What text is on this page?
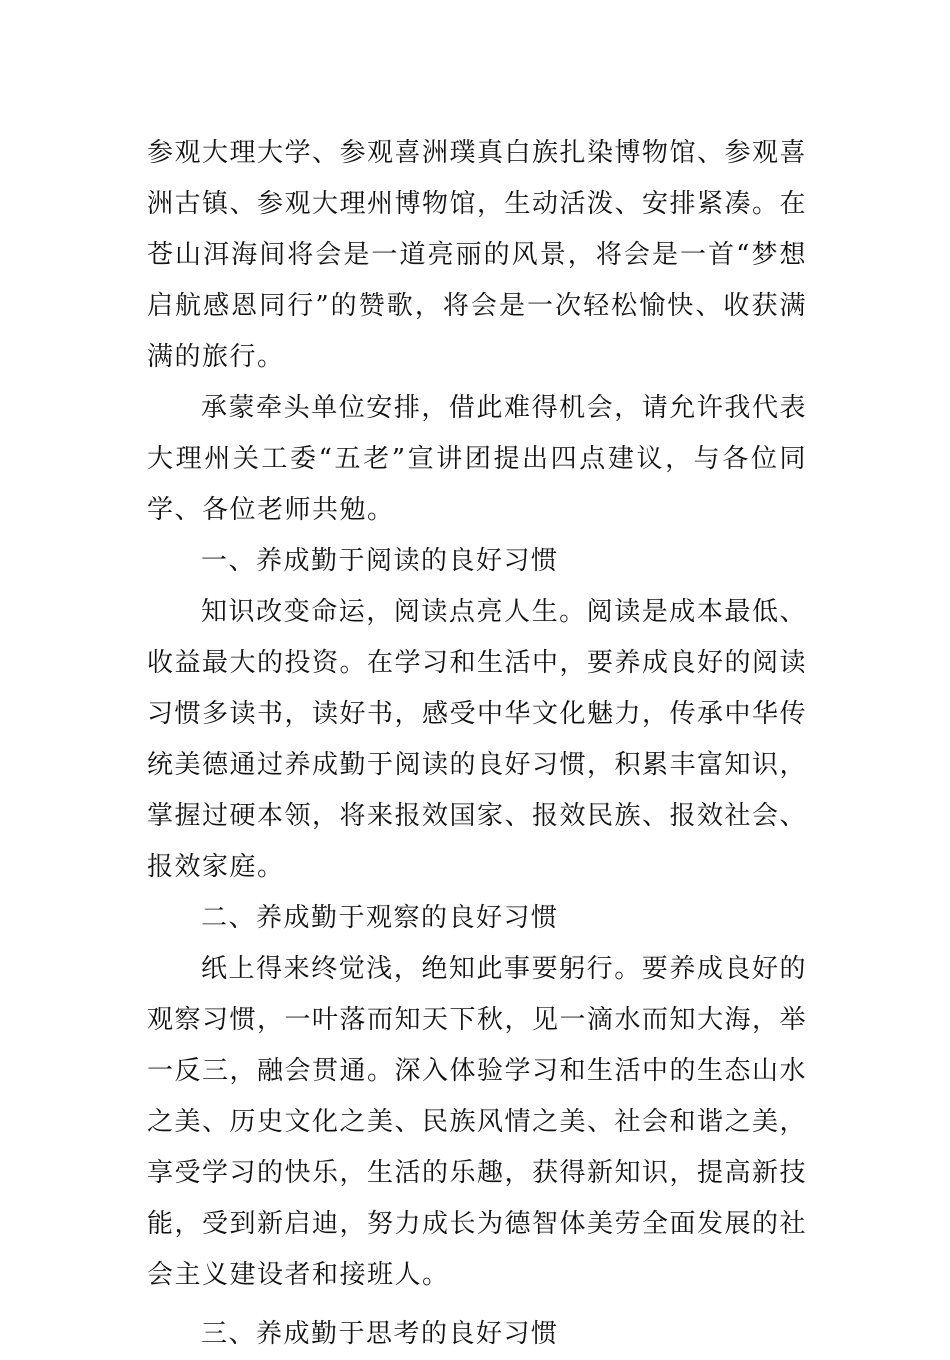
参观大理大学、参观喜洲璞真白族扎染博物馆、参观喜洲古镇、参观大理州博物馆，生动活泼、安排紧凑。在苍山洱海间将会是一道亮丽的风景，将会是一首“梦想启航感恩同行”的赞歌，将会是一次轻松愉快、收获满满的旅行。

承蒙牵头单位安排，借此难得机会，请允许我代表大理州关工委“五老”宣讲团提出四点建议，与各位同学、各位老师共勉。

一、养成勤于阅读的良好习惯

知识改变命运，阅读点亮人生。阅读是成本最低、收益最大的投资。在学习和生活中，要养成良好的阅读习惯多读书，读好书，感受中华文化魅力，传承中华传统美德通过养成勤于阅读的良好习惯，积累丰富知识，掌握过硬本领，将来报效国家、报效民族、报效社会、报效家庭。

二、养成勤于观察的良好习惯

纸上得来终觉浅，绝知此事要躬行。要养成良好的观察习惯，一叶落而知天下秋，见一滴水而知大海，举一反三，融会贯通。深入体验学习和生活中的生态山水之美、历史文化之美、民族风情之美、社会和谐之美，享受学习的快乐，生活的乐趣，获得新知识，提高新技能，受到新启迪，努力成长为德智体美劳全面发展的社会主义建设者和接班人。

三、养成勤于思考的良好习惯
